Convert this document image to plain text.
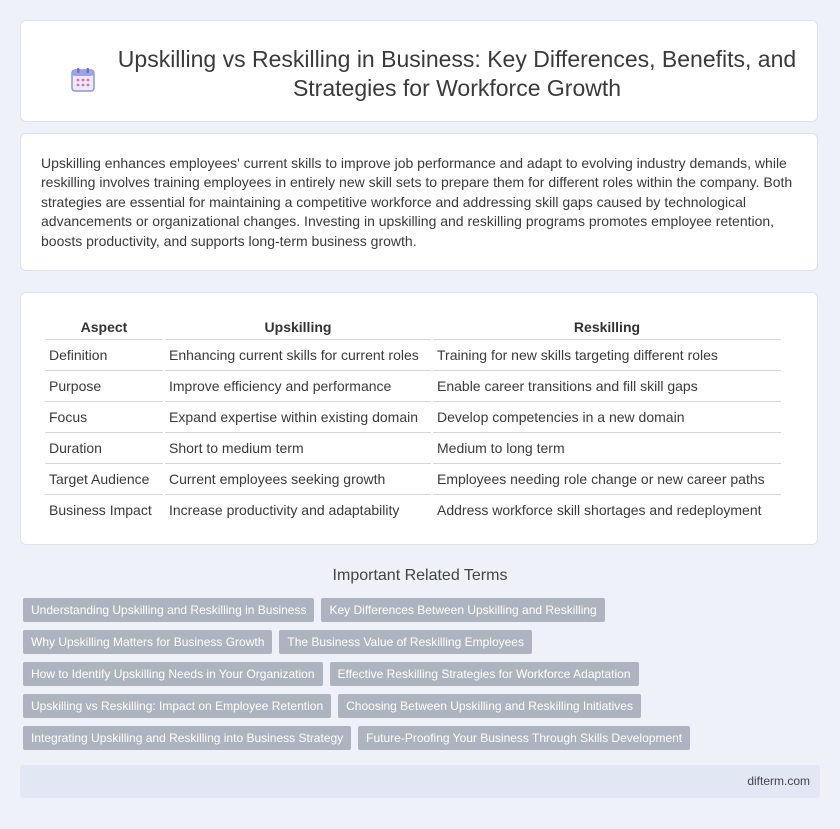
Upskilling vs Reskilling in Business: Key Differences, Benefits, and Strategies for Workforce Growth

Upskilling enhances employees' current skills to improve job performance and adapt to evolving industry demands, while reskilling involves training employees in entirely new skill sets to prepare them for different roles within the company. Both strategies are essential for maintaining a competitive workforce and addressing skill gaps caused by technological advancements or organizational changes. Investing in upskilling and reskilling programs promotes employee retention, boosts productivity, and supports long-term business growth.

Aspect	Upskilling	Reskilling
Definition	Enhancing current skills for current roles	Training for new skills targeting different roles
Purpose	Improve efficiency and performance	Enable career transitions and fill skill gaps
Focus	Expand expertise within existing domain	Develop competencies in a new domain
Duration	Short to medium term	Medium to long term
Target Audience	Current employees seeking growth	Employees needing role change or new career paths
Business Impact	Increase productivity and adaptability	Address workforce skill shortages and redeployment
Important Related Terms
Understanding Upskilling and Reskilling in Business	Key Differences Between Upskilling and Reskilling
Why Upskilling Matters for Business Growth	The Business Value of Reskilling Employees
How to Identify Upskilling Needs in Your Organization	Effective Reskilling Strategies for Workforce Adaptation
Upskilling vs Reskilling: Impact on Employee Retention	Choosing Between Upskilling and Reskilling Initiatives
Integrating Upskilling and Reskilling into Business Strategy	Future-Proofing Your Business Through Skills Development
difterm.com
